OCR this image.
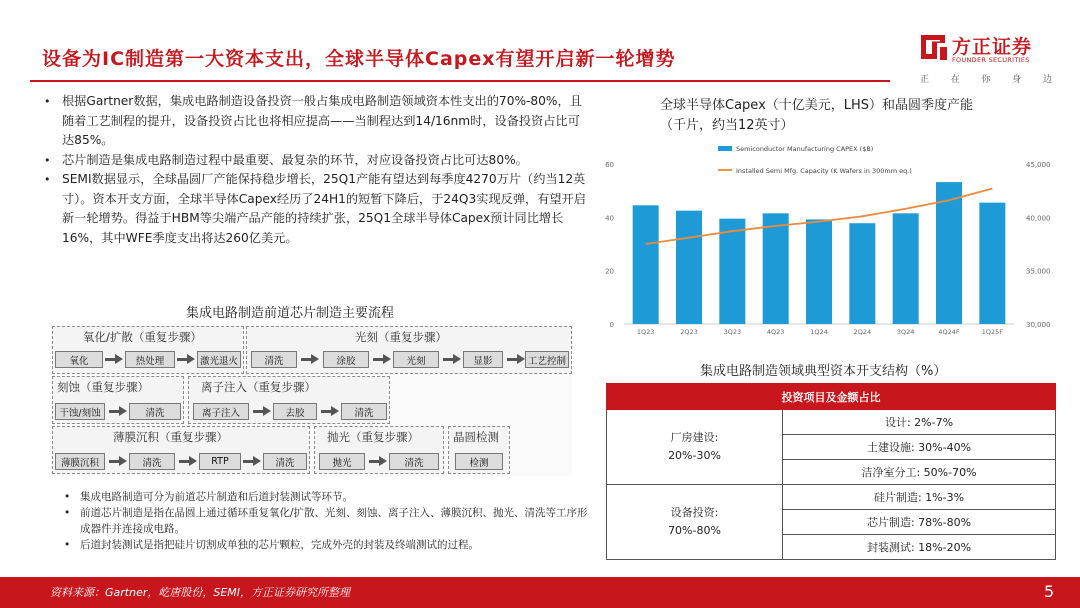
设备为IC制造第一大资本支出，全球半导体Capex有望开启新一轮增势
方正证券
FOUNDER SECURITIES
正 在 你 身 边
• 根据Gartner数据，集成电路制造设备投资一般占集成电路制造领域资本性支出的70%-80%，且随着工艺制程的提升，设备投资占比也将相应提高——当制程达到14/16nm时，设备投资占比可达85%。
• 芯片制造是集成电路制造过程中最重要、最复杂的环节，对应设备投资占比可达80%。
• SEMI数据显示，全球晶圆厂产能保持稳步增长，25Q1产能有望达到每季度4270万片（约当12英寸）。资本开支方面，全球半导体Capex经历了24H1的短暂下降后，于24Q3实现反弹，有望开启新一轮增势。得益于HBM等尖端产品产能的持续扩张，25Q1全球半导体Capex预计同比增长16%，其中WFE季度支出将达260亿美元。
集成电路制造前道芯片制造主要流程
氧化/扩散（重复步骤）
氧化	热处理	激光退火
光刻（重复步骤）
清洗	涂胶	光刻	显影	工艺控制
刻蚀（重复步骤）
干蚀/刻蚀	清洗
离子注入（重复步骤）
离子注入	去胶	清洗
薄膜沉积（重复步骤）
薄膜沉积	清洗	RTP	清洗
抛光（重复步骤）
抛光	清洗
晶圆检测
检测
• 集成电路制造可分为前道芯片制造和后道封装测试等环节。
• 前道芯片制造是指在晶圆上通过循环重复氧化/扩散、光刻、刻蚀、离子注入、薄膜沉积、抛光、清洗等工序形成器件并连接成电路。
• 后道封装测试是指把硅片切割成单独的芯片颗粒，完成外壳的封装及终端测试的过程。
全球半导体Capex（十亿美元，LHS）和晶圆季度产能（千片，约当12英寸）
0
20
40
60
30,000
35,000
40,000
45,000
1Q23	2Q23	3Q23	4Q23	1Q24	2Q24	3Q24	4Q24F	1Q25F
Semiconductor Manufacturing CAPEX ($B)
Installed Semi Mfg. Capacity (K Wafers in 300mm eq.)
集成电路制造领域典型资本开支结构（%）
投资项目及金额占比	

厂房建设:
20%-30%	设计: 2%-7%
	土建设施: 30%-40%
	洁净室分工: 50%-70%

设备投资:
70%-80%	硅片制造: 1%-3%
	芯片制造: 78%-80%
	封装测试: 18%-20%
资料来源：Gartner，屹唐股份，SEMI，方正证券研究所整理	5
